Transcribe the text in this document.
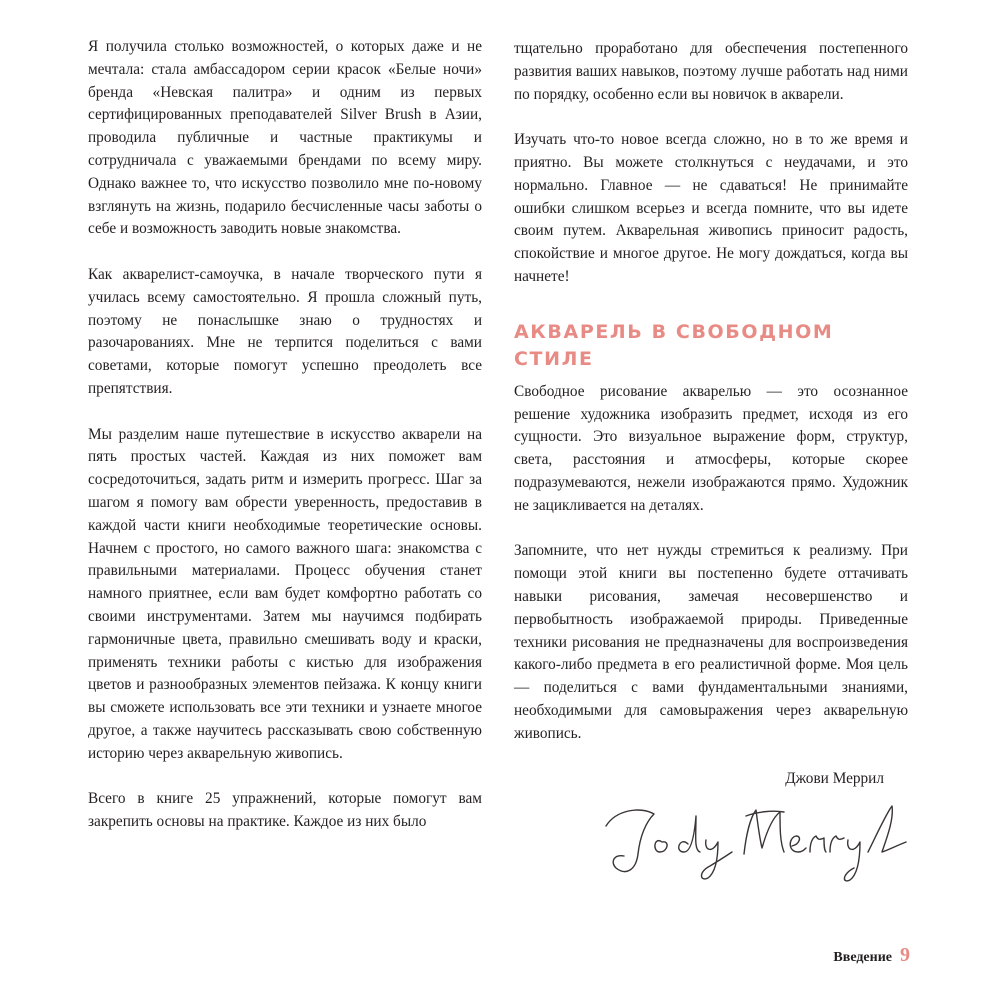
Я получила столько возможностей, о которых даже и не мечтала: стала амбассадором серии красок «Белые ночи» бренда «Невская палитра» и одним из первых сертифицированных преподавателей Silver Brush в Азии, проводила публичные и частные практикумы и сотрудничала с уважаемыми брендами по всему миру. Однако важнее то, что искусство позволило мне по-новому взглянуть на жизнь, подарило бесчисленные часы заботы о себе и возможность заводить новые знакомства.

Как акварелист-самоучка, в начале творческого пути я училась всему самостоятельно. Я прошла сложный путь, поэтому не понаслышке знаю о трудностях и разочарованиях. Мне не терпится поделиться с вами советами, которые помогут успешно преодолеть все препятствия.

Мы разделим наше путешествие в искусство акварели на пять простых частей. Каждая из них поможет вам сосредоточиться, задать ритм и измерить прогресс. Шаг за шагом я помогу вам обрести уверенность, предоставив в каждой части книги необходимые теоретические основы. Начнем с простого, но самого важного шага: знакомства с правильными материалами. Процесс обучения станет намного приятнее, если вам будет комфортно работать со своими инструментами. Затем мы научимся подбирать гармоничные цвета, правильно смешивать воду и краски, применять техники работы с кистью для изображения цветов и разнообразных элементов пейзажа. К концу книги вы сможете использовать все эти техники и узнаете многое другое, а также научитесь рассказывать свою собственную историю через акварельную живопись.

Всего в книге 25 упражнений, которые помогут вам закрепить основы на практике. Каждое из них было

тщательно проработано для обеспечения постепенного развития ваших навыков, поэтому лучше работать над ними по порядку, особенно если вы новичок в акварели.

Изучать что-то новое всегда сложно, но в то же время и приятно. Вы можете столкнуться с неудачами, и это нормально. Главное — не сдаваться! Не принимайте ошибки слишком всерьез и всегда помните, что вы идете своим путем. Акварельная живопись приносит радость, спокойствие и многое другое. Не могу дождаться, когда вы начнете!

АКВАРЕЛЬ В СВОБОДНОМ СТИЛЕ

Свободное рисование акварелью — это осознанное решение художника изобразить предмет, исходя из его сущности. Это визуальное выражение форм, структур, света, расстояния и атмосферы, которые скорее подразумеваются, нежели изображаются прямо. Художник не зацикливается на деталях.

Запомните, что нет нужды стремиться к реализму. При помощи этой книги вы постепенно будете оттачивать навыки рисования, замечая несовершенство и первобытность изображаемой природы. Приведенные техники рисования не предназначены для воспроизведения какого-либо предмета в его реалистичной форме. Моя цель — поделиться с вами фундаментальными знаниями, необходимыми для самовыражения через акварельную живопись.

Джови Меррил
Введение 9
